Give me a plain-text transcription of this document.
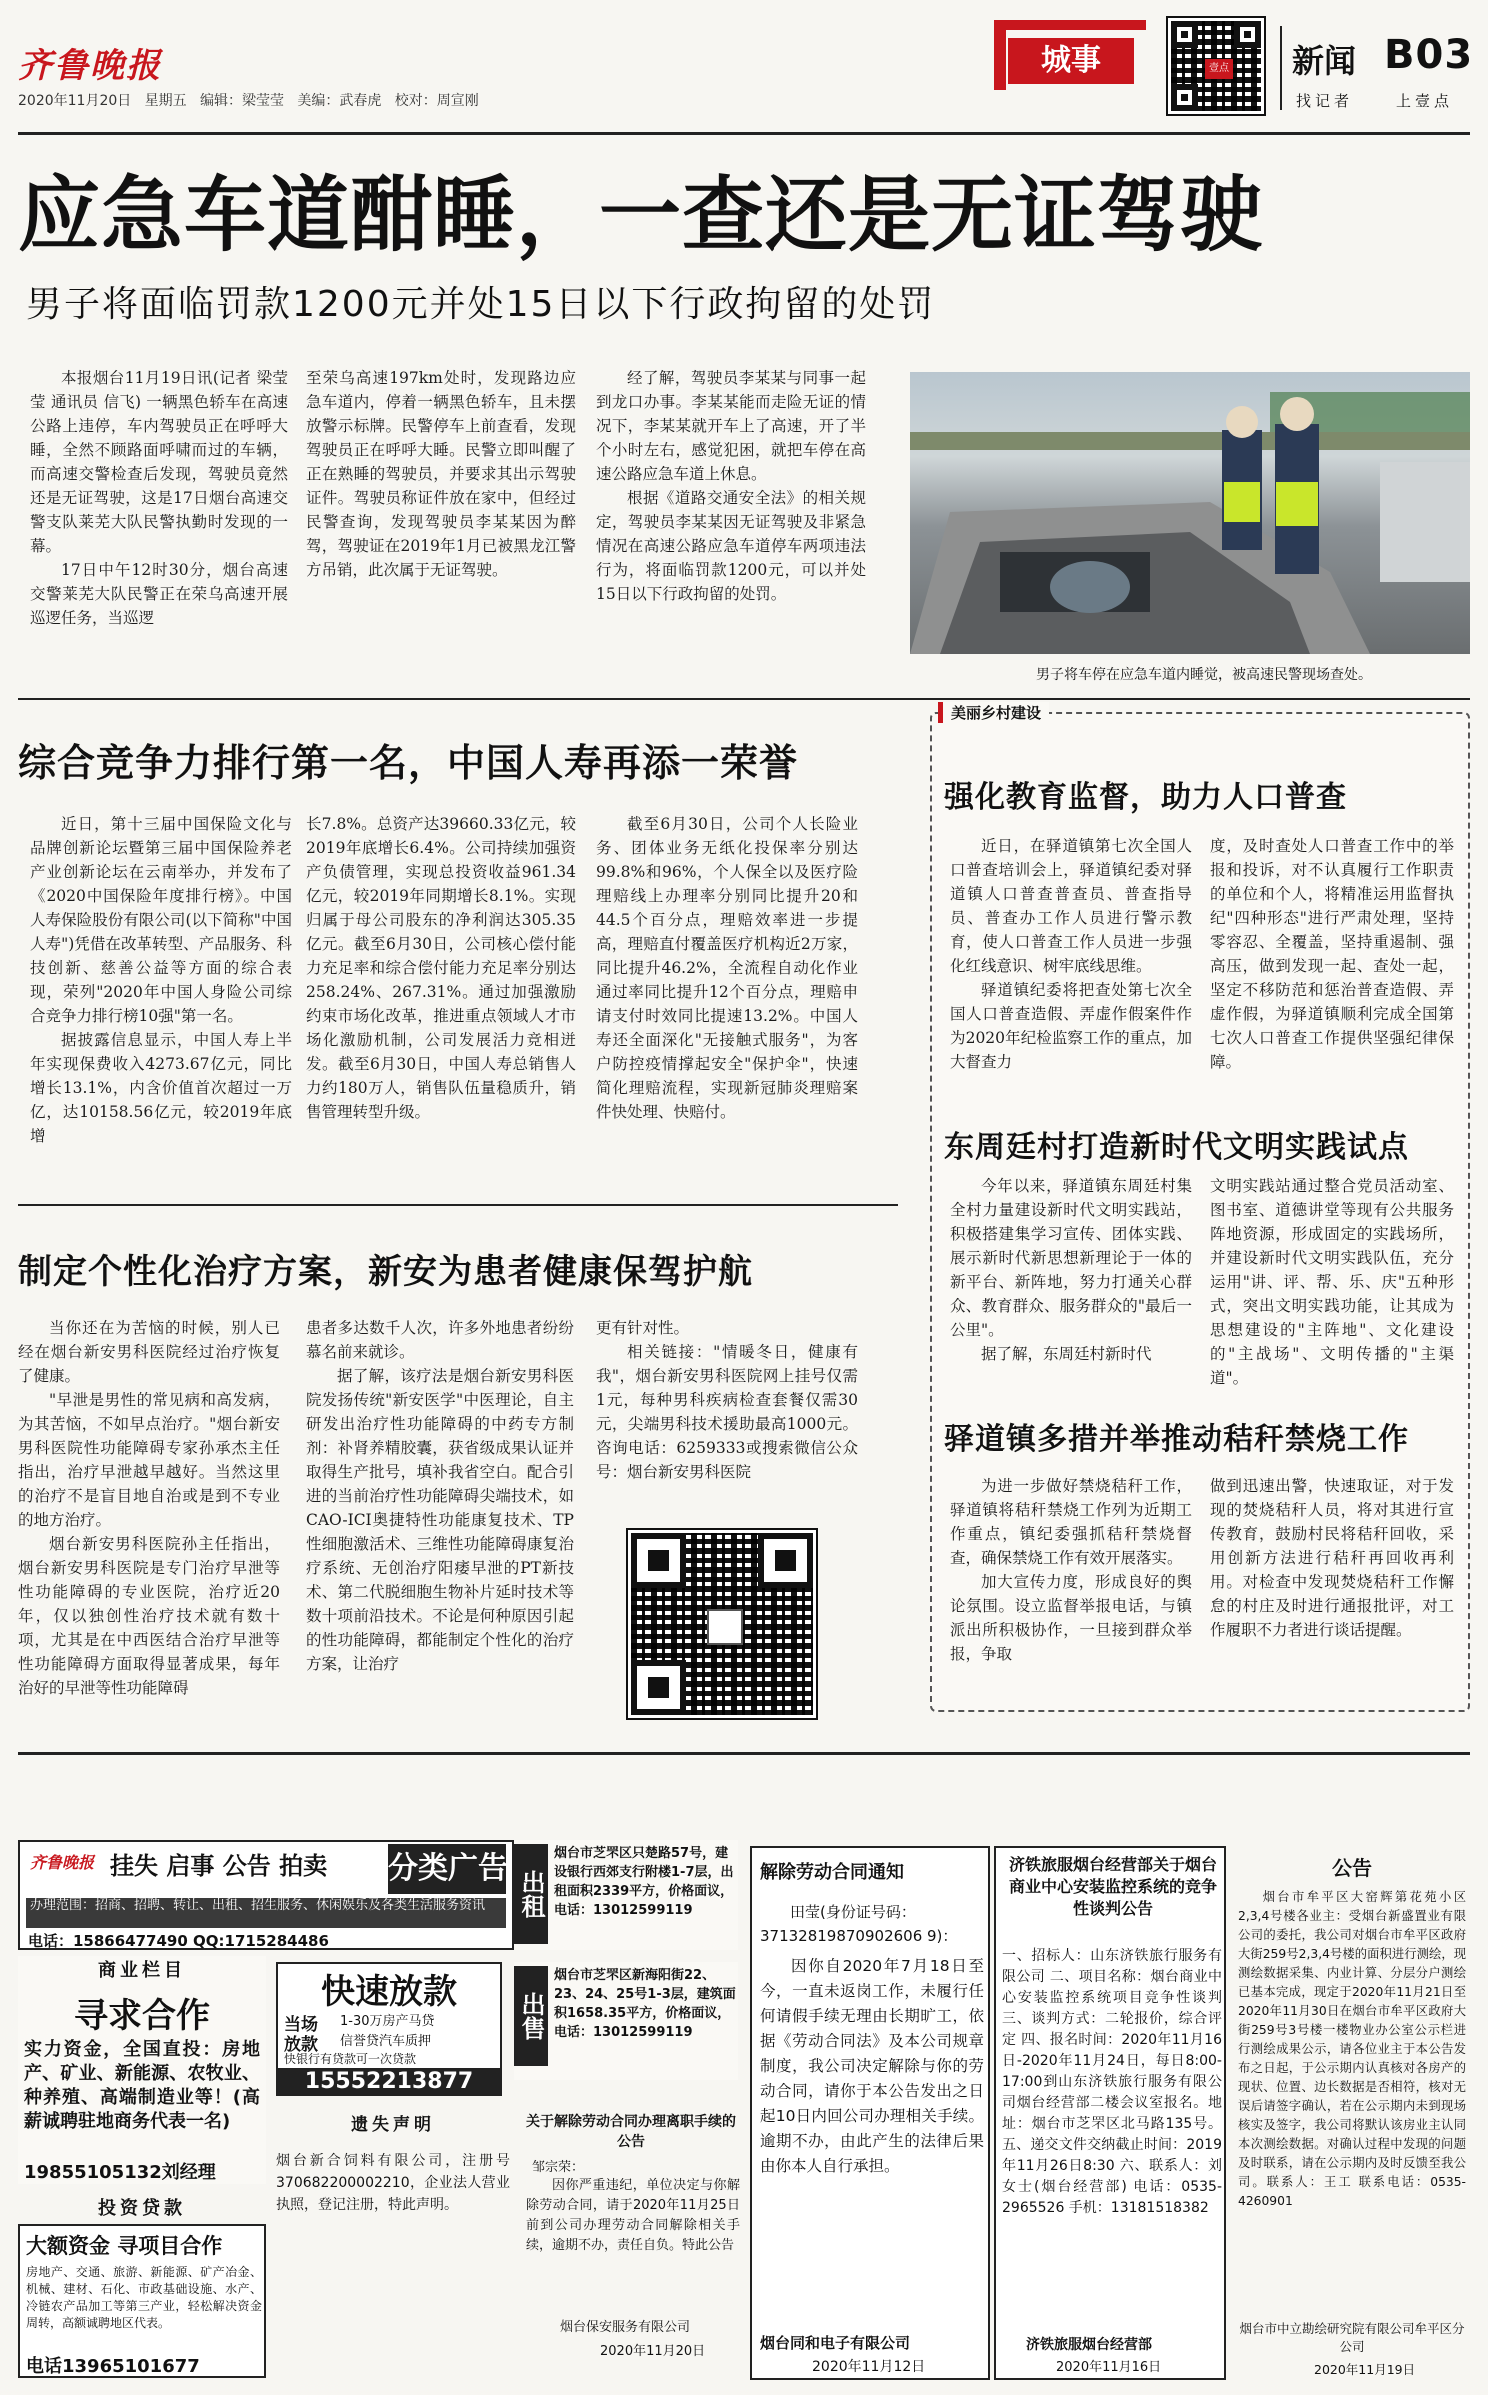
齐鲁晚报
2020年11月20日 星期五 编辑：梁莹莹 美编：武春虎 校对：周宣刚
城事	壹点 新闻 B03
找记者	上壹点
应急车道酣睡，一查还是无证驾驶
男子将面临罚款1200元并处15日以下行政拘留的处罚

本报烟台11月19日讯(记者 梁莹莹 通讯员 信飞) 一辆黑色轿车在高速公路上违停，车内驾驶员正在呼呼大睡，全然不顾路面呼啸而过的车辆，而高速交警检查后发现，驾驶员竟然还是无证驾驶，这是17日烟台高速交警支队莱芜大队民警执勤时发现的一幕。

17日中午12时30分，烟台高速交警莱芜大队民警正在荣乌高速开展巡逻任务，当巡逻

至荣乌高速197km处时，发现路边应急车道内，停着一辆黑色轿车，且未摆放警示标牌。民警停车上前查看，发现驾驶员正在呼呼大睡。民警立即叫醒了正在熟睡的驾驶员，并要求其出示驾驶证件。驾驶员称证件放在家中，但经过民警查询，发现驾驶员李某某因为醉驾，驾驶证在2019年1月已被黑龙江警方吊销，此次属于无证驾驶。

经了解，驾驶员李某某与同事一起到龙口办事。李某某能而走险无证的情况下，李某某就开车上了高速，开了半个小时左右，感觉犯困，就把车停在高速公路应急车道上休息。

根据《道路交通安全法》的相关规定，驾驶员李某某因无证驾驶及非紧急情况在高速公路应急车道停车两项违法行为，将面临罚款1200元，可以并处15日以下行政拘留的处罚。

男子将车停在应急车道内睡觉，被高速民警现场查处。
综合竞争力排行第一名，中国人寿再添一荣誉

近日，第十三届中国保险文化与品牌创新论坛暨第三届中国保险养老产业创新论坛在云南举办，并发布了《2020中国保险年度排行榜》。中国人寿保险股份有限公司(以下简称"中国人寿")凭借在改革转型、产品服务、科技创新、慈善公益等方面的综合表现，荣列"2020年中国人身险公司综合竞争力排行榜10强"第一名。

据披露信息显示，中国人寿上半年实现保费收入4273.67亿元，同比增长13.1%，内含价值首次超过一万亿，达10158.56亿元，较2019年底增

长7.8%。总资产达39660.33亿元，较2019年底增长6.4%。公司持续加强资产负债管理，实现总投资收益961.34亿元，较2019年同期增长8.1%。实现归属于母公司股东的净利润达305.35亿元。截至6月30日，公司核心偿付能力充足率和综合偿付能力充足率分别达258.24%、267.31%。通过加强激励约束市场化改革，推进重点领域人才市场化激励机制，公司发展活力竞相迸发。截至6月30日，中国人寿总销售人力约180万人，销售队伍量稳质升，销售管理转型升级。

截至6月30日，公司个人长险业务、团体业务无纸化投保率分别达99.8%和96%，个人保全以及医疗险理赔线上办理率分别同比提升20和44.5个百分点，理赔效率进一步提高，理赔直付覆盖医疗机构近2万家，同比提升46.2%，全流程自动化作业通过率同比提升12个百分点，理赔申请支付时效同比提速13.2%。中国人寿还全面深化"无接触式服务"，为客户防控疫情撑起安全"保护伞"，快速简化理赔流程，实现新冠肺炎理赔案件快处理、快赔付。

制定个性化治疗方案，新安为患者健康保驾护航

当你还在为苦恼的时候，别人已经在烟台新安男科医院经过治疗恢复了健康。

"早泄是男性的常见病和高发病，为其苦恼，不如早点治疗。"烟台新安男科医院性功能障碍专家孙承杰主任指出，治疗早泄越早越好。当然这里的治疗不是盲目地自治或是到不专业的地方治疗。

烟台新安男科医院孙主任指出，烟台新安男科医院是专门治疗早泄等性功能障碍的专业医院，治疗近20年，仅以独创性治疗技术就有数十项，尤其是在中西医结合治疗早泄等性功能障碍方面取得显著成果，每年治好的早泄等性功能障碍

患者多达数千人次，许多外地患者纷纷慕名前来就诊。

据了解，该疗法是烟台新安男科医院发扬传统"新安医学"中医理论，自主研发出治疗性功能障碍的中药专方制剂：补肾养精胶囊，获省级成果认证并取得生产批号，填补我省空白。配合引进的当前治疗性功能障碍尖端技术，如CAO-ICI奥捷特性功能康复技术、TP性细胞激活术、三维性功能障碍康复治疗系统、无创治疗阳痿早泄的PT新技术、第二代脱细胞生物补片延时技术等数十项前沿技术。不论是何种原因引起的性功能障碍，都能制定个性化的治疗方案，让治疗

更有针对性。

相关链接："情暖冬日，健康有我"，烟台新安男科医院网上挂号仅需1元，每种男科疾病检查套餐仅需30元，尖端男科技术援助最高1000元。咨询电话：6259333或搜索微信公众号：烟台新安男科医院

美丽乡村建设
强化教育监督，助力人口普查

近日，在驿道镇第七次全国人口普查培训会上，驿道镇纪委对驿道镇人口普查普查员、普查指导员、普查办工作人员进行警示教育，使人口普查工作人员进一步强化红线意识、树牢底线思维。

驿道镇纪委将把查处第七次全国人口普查造假、弄虚作假案件作为2020年纪检监察工作的重点，加大督查力

度，及时查处人口普查工作中的举报和投诉，对不认真履行工作职责的单位和个人，将精准运用监督执纪"四种形态"进行严肃处理，坚持零容忍、全覆盖，坚持重遏制、强高压，做到发现一起、查处一起，坚定不移防范和惩治普查造假、弄虚作假，为驿道镇顺利完成全国第七次人口普查工作提供坚强纪律保障。

东周廷村打造新时代文明实践试点

今年以来，驿道镇东周廷村集全村力量建设新时代文明实践站，积极搭建集学习宣传、团体实践、展示新时代新思想新理论于一体的新平台、新阵地，努力打通关心群众、教育群众、服务群众的"最后一公里"。

据了解，东周廷村新时代

文明实践站通过整合党员活动室、图书室、道德讲堂等现有公共服务阵地资源，形成固定的实践场所，并建设新时代文明实践队伍，充分运用"讲、评、帮、乐、庆"五种形式，突出文明实践功能，让其成为思想建设的"主阵地"、文化建设的"主战场"、文明传播的"主渠道"。

驿道镇多措并举推动秸秆禁烧工作

为进一步做好禁烧秸秆工作，驿道镇将秸秆禁烧工作列为近期工作重点，镇纪委强抓秸秆禁烧督查，确保禁烧工作有效开展落实。

加大宣传力度，形成良好的舆论氛围。设立监督举报电话，与镇派出所积极协作，一旦接到群众举报，争取

做到迅速出警，快速取证，对于发现的焚烧秸秆人员，将对其进行宣传教育，鼓励村民将秸秆回收，采用创新方法进行秸秆再回收再利用。对检查中发现焚烧秸秆工作懈怠的村庄及时进行通报批评，对工作履职不力者进行谈话提醒。

齐鲁晚报 挂失 启事 公告 拍卖 分类广告
办理范围：招商、招聘、转让、出租、招生服务、休闲娱乐及各类生活服务资讯
电话：15866477490 QQ:1715284486
商业栏目
寻求合作
实力资金，全国直投：房地产、矿业、新能源、农牧业、种养殖、高端制造业等！(高薪诚聘驻地商务代表一名)
19855105132刘经理
投资贷款
大额资金 寻项目合作
房地产、交通、旅游、新能源、矿产冶金、机械、建材、石化、市政基础设施、水产、冷链农产品加工等第三产业，轻松解决资金周转，高额诚聘地区代表。
电话13965101677
快速放款
当场
放款
1-30万房产马贷
信誉贷汽车质押
快银行有贷款可一次贷款
15552213877
出租
烟台市芝罘区只楚路57号，建设银行西郊支行附楼1-7层，出租面积2339平方，价格面议，电话：13012599119
出售
烟台市芝罘区新海阳街22、23、24、25号1-3层，建筑面积1658.35平方，价格面议，电话：13012599119
遗失声明
烟台新合饲料有限公司，注册号370682200002210，企业法人营业执照，登记注册，特此声明。
关于解除劳动合同办理离职手续的公告
邹宗荣：
因你严重违纪，单位决定与你解除劳动合同，请于2020年11月25日前到公司办理劳动合同解除相关手续，逾期不办，责任自负。特此公告
烟台保安服务有限公司
2020年11月20日
解除劳动合同通知
田莹(身份证号码：37132819870902606 9)：
因你自2020年7月18日至今，一直未返岗工作，未履行任何请假手续无理由长期旷工，依据《劳动合同法》及本公司规章制度，我公司决定解除与你的劳动合同，请你于本公告发出之日起10日内回公司办理相关手续。逾期不办，由此产生的法律后果由你本人自行承担。
烟台同和电子有限公司
2020年11月12日
济铁旅服烟台经营部关于烟台商业中心安装监控系统的竞争性谈判公告
一、招标人：山东济铁旅行服务有限公司 二、项目名称：烟台商业中心安装监控系统项目竞争性谈判 三、谈判方式：二轮报价，综合评定 四、报名时间：2020年11月16日-2020年11月24日，每日8:00-17:00到山东济铁旅行服务有限公司烟台经营部二楼会议室报名。地址：烟台市芝罘区北马路135号。五、递交文件交纳截止时间：2019年11月26日8:30 六、联系人：刘女士(烟台经营部) 电话：0535-2965526 手机：13181518382
济铁旅服烟台经营部
2020年11月16日
公告
烟台市牟平区大窑辉第花苑小区2,3,4号楼各业主：受烟台新盛置业有限公司的委托，我公司对烟台市牟平区政府大街259号2,3,4号楼的面积进行测绘，现测绘数据采集、内业计算、分层分户测绘已基本完成，现定于2020年11月21日至2020年11月30日在烟台市牟平区政府大街259号3号楼一楼物业办公室公示栏进行测绘成果公示，请各位业主于本公告发布之日起，于公示期内认真核对各房产的现状、位置、边长数据是否相符，核对无误后请签字确认，若在公示期内未到现场核实及签字，我公司将默认该房业主认同本次测绘数据。对确认过程中发现的问题及时联系，请在公示期内及时反馈至我公司。联系人：王工 联系电话：0535-4260901
烟台市中立勘绘研究院有限公司牟平区分公司
2020年11月19日
